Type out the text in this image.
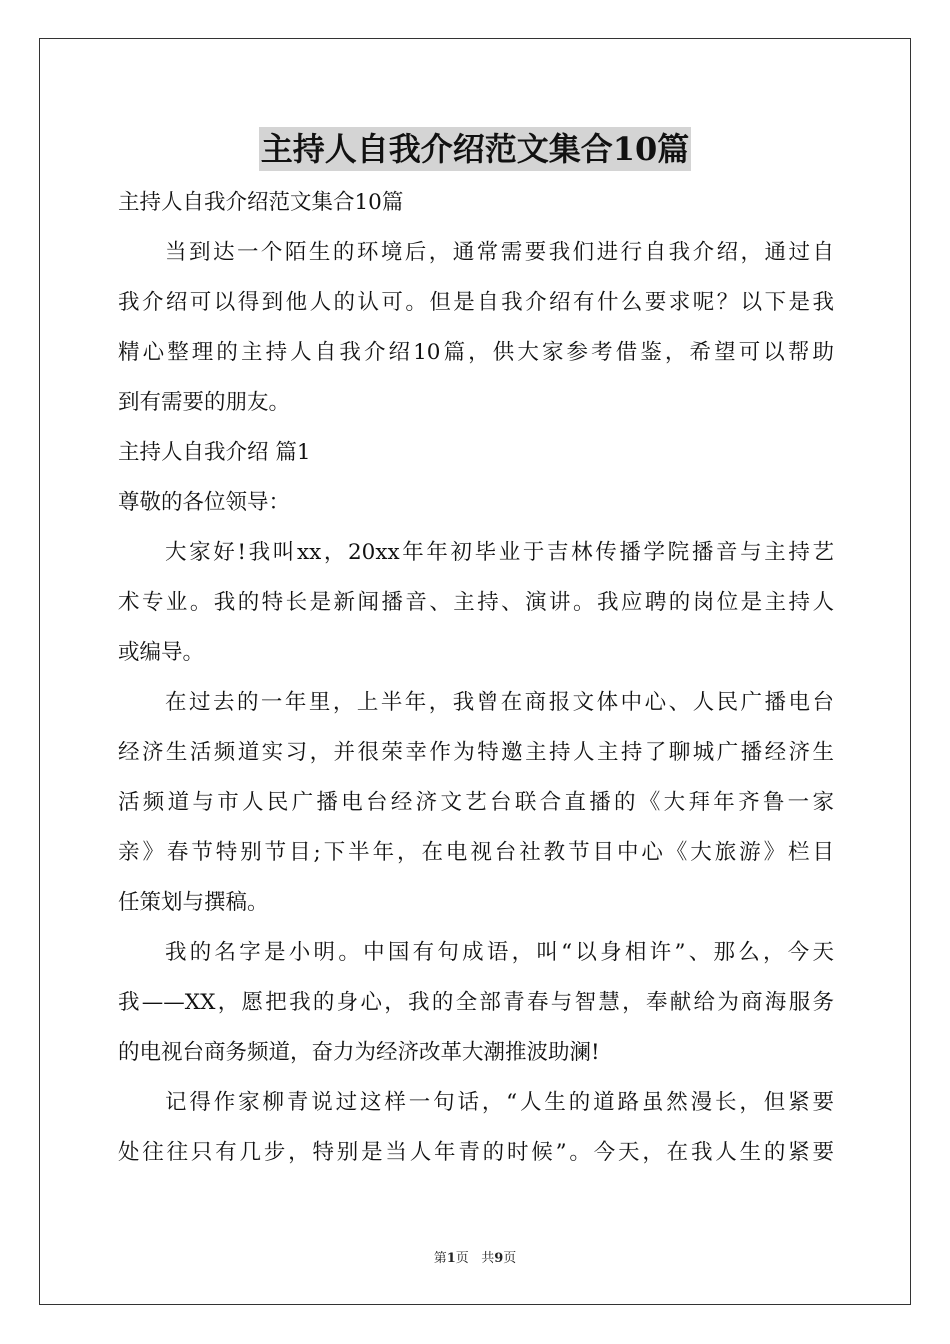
主持人自我介绍范文集合10篇
主持人自我介绍范文集合10篇
当到达一个陌生的环境后，通常需要我们进行自我介绍，通过自
我介绍可以得到他人的认可。但是自我介绍有什么要求呢？以下是我
精心整理的主持人自我介绍10篇，供大家参考借鉴，希望可以帮助
到有需要的朋友。
主持人自我介绍 篇1
尊敬的各位领导：
大家好!我叫xx，20xx年年初毕业于吉林传播学院播音与主持艺
术专业。我的特长是新闻播音、主持、演讲。我应聘的岗位是主持人
或编导。
在过去的一年里，上半年，我曾在商报文体中心、人民广播电台
经济生活频道实习，并很荣幸作为特邀主持人主持了聊城广播经济生
活频道与市人民广播电台经济文艺台联合直播的《大拜年齐鲁一家
亲》春节特别节目;下半年，在电视台社教节目中心《大旅游》栏目
任策划与撰稿。
我的名字是小明。中国有句成语，叫“以身相许”、那么，今天
我——XX，愿把我的身心，我的全部青春与智慧，奉献给为商海服务
的电视台商务频道，奋力为经济改革大潮推波助澜!
记得作家柳青说过这样一句话，“人生的道路虽然漫长，但紧要
处往往只有几步，特别是当人年青的时候”。今天，在我人生的紧要
第1页 共9页
